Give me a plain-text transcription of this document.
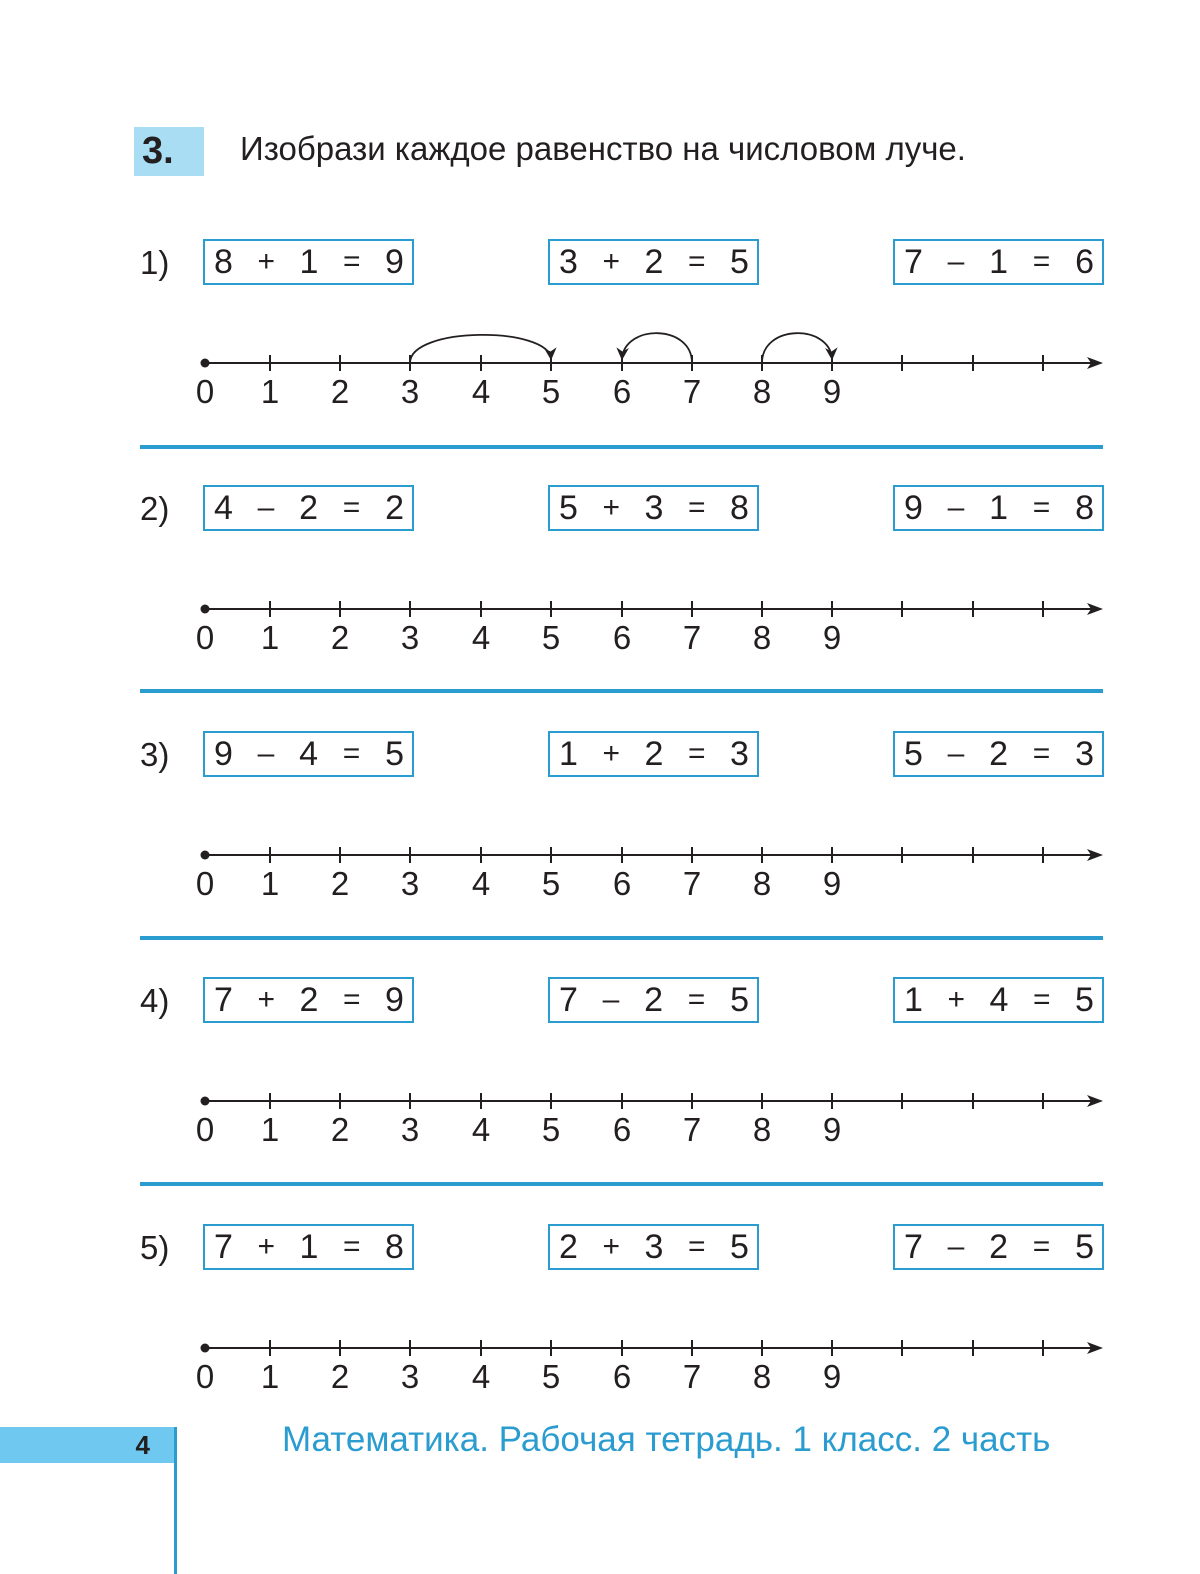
3.	Изобрази каждое равенство на числовом луче.
1) 8 + 1 = 9	3 + 2 = 5	7 – 1 = 6
0 1 2 3 4 5 6 7 8 9
2) 4 – 2 = 2	5 + 3 = 8	9 – 1 = 8
0 1 2 3 4 5 6 7 8 9
3) 9 – 4 = 5	1 + 2 = 3	5 – 2 = 3
0 1 2 3 4 5 6 7 8 9
4) 7 + 2 = 9	7 – 2 = 5	1 + 4 = 5
0 1 2 3 4 5 6 7 8 9
5) 7 + 1 = 8	2 + 3 = 5	7 – 2 = 5
0 1 2 3 4 5 6 7 8 9
4	Математика. Рабочая тетрадь. 1 класс. 2 часть
